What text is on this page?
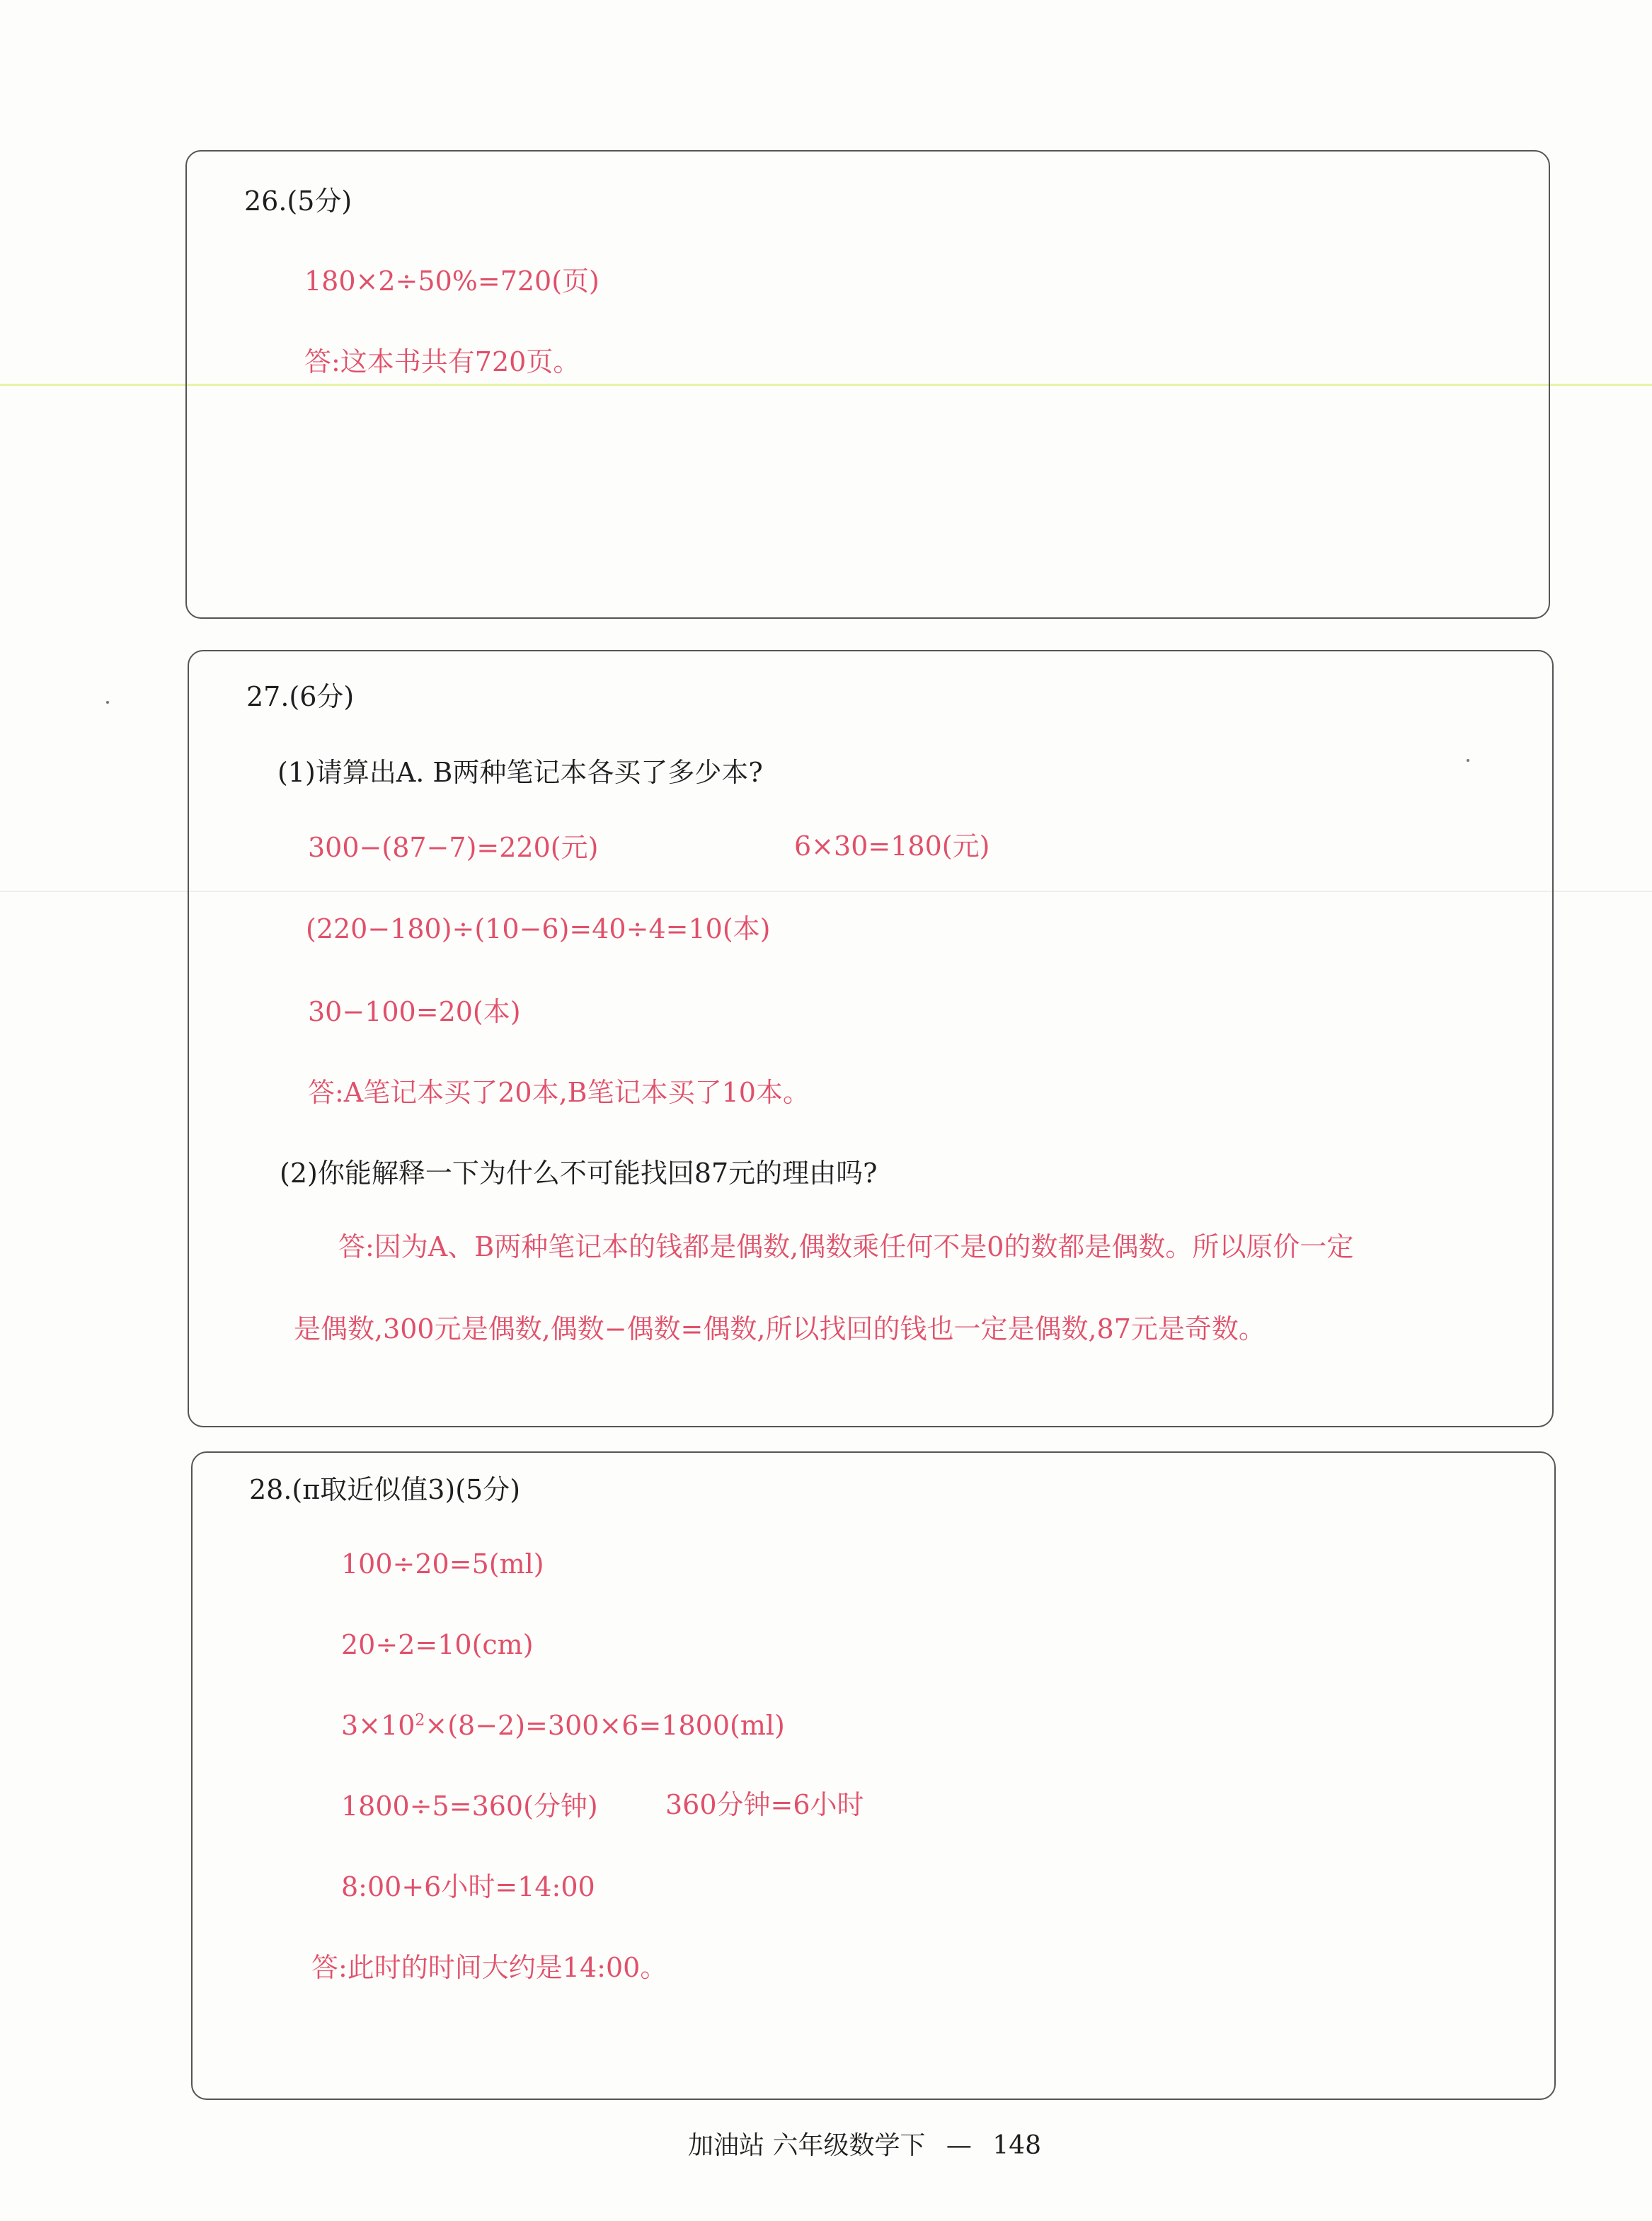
26.(5分)
180×2÷50%=720(页)
答:这本书共有720页。
27.(6分)
(1)请算出A. B两种笔记本各买了多少本?
300−(87−7)=220(元)	6×30=180(元)
(220−180)÷(10−6)=40÷4=10(本)
30−100=20(本)
答:A笔记本买了20本,B笔记本买了10本。
(2)你能解释一下为什么不可能找回87元的理由吗?
答:因为A、B两种笔记本的钱都是偶数,偶数乘任何不是0的数都是偶数。所以原价一定
是偶数,300元是偶数,偶数−偶数=偶数,所以找回的钱也一定是偶数,87元是奇数。
28.(π取近似值3)(5分)
100÷20=5(ml)
20÷2=10(cm)
$3\times 10^2\times(8-2)=300\times 6=1800(ml)$
1800÷5=360(分钟)	360分钟=6小时
8:00+6小时=14:00
答:此时的时间大约是14:00。
加油站 六年级数学下 — 148
